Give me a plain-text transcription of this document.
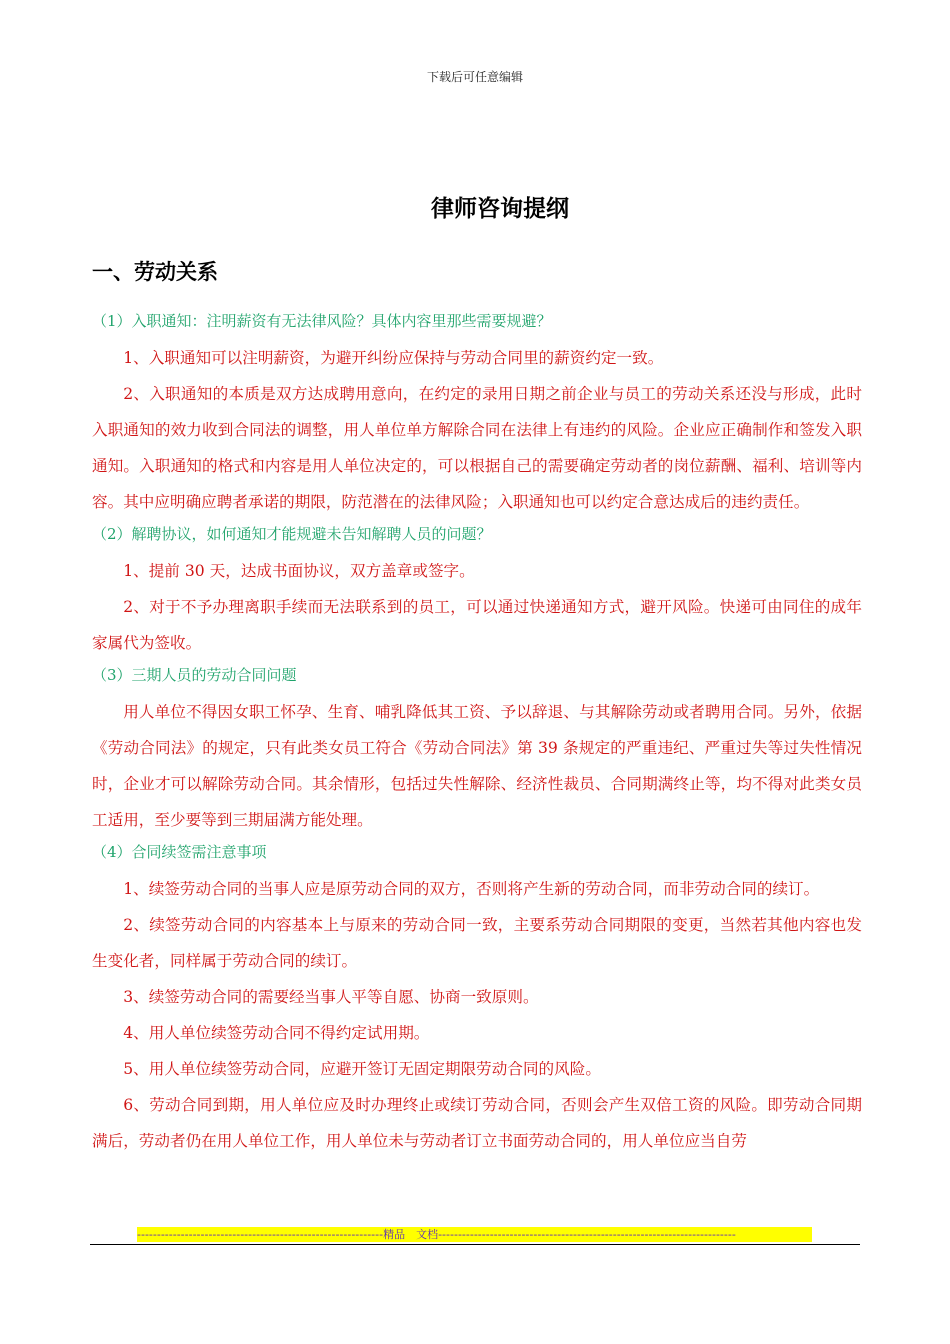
下载后可任意编辑
律师咨询提纲
一、劳动关系

（1）入职通知：注明薪资有无法律风险？具体内容里那些需要规避？

1、入职通知可以注明薪资，为避开纠纷应保持与劳动合同里的薪资约定一致。

2、入职通知的本质是双方达成聘用意向，在约定的录用日期之前企业与员工的劳动关系还没与形成，此时入职通知的效力收到合同法的调整，用人单位单方解除合同在法律上有违约的风险。企业应正确制作和签发入职通知。入职通知的格式和内容是用人单位决定的，可以根据自己的需要确定劳动者的岗位薪酬、福利、培训等内容。其中应明确应聘者承诺的期限，防范潜在的法律风险；入职通知也可以约定合意达成后的违约责任。

（2）解聘协议，如何通知才能规避未告知解聘人员的问题？

1、提前 30 天，达成书面协议，双方盖章或签字。

2、对于不予办理离职手续而无法联系到的员工，可以通过快递通知方式，避开风险。快递可由同住的成年家属代为签收。

（3）三期人员的劳动合同问题

用人单位不得因女职工怀孕、生育、哺乳降低其工资、予以辞退、与其解除劳动或者聘用合同。另外，依据《劳动合同法》的规定，只有此类女员工符合《劳动合同法》第 39 条规定的严重违纪、严重过失等过失性情况时，企业才可以解除劳动合同。其余情形，包括过失性解除、经济性裁员、合同期满终止等，均不得对此类女员工适用，至少要等到三期届满方能处理。

（4）合同续签需注意事项

1、续签劳动合同的当事人应是原劳动合同的双方，否则将产生新的劳动合同，而非劳动合同的续订。

2、续签劳动合同的内容基本上与原来的劳动合同一致，主要系劳动合同期限的变更，当然若其他内容也发生变化者，同样属于劳动合同的续订。

3、续签劳动合同的需要经当事人平等自愿、协商一致原则。

4、用人单位续签劳动合同不得约定试用期。

5、用人单位续签劳动合同，应避开签订无固定期限劳动合同的风险。

6、劳动合同到期，用人单位应及时办理终止或续订劳动合同，否则会产生双倍工资的风险。即劳动合同期满后，劳动者仍在用人单位工作，用人单位未与劳动者订立书面劳动合同的，用人单位应当自劳

--------------------------------------------------------------精品　文档---------------------------------------------------------------------------
